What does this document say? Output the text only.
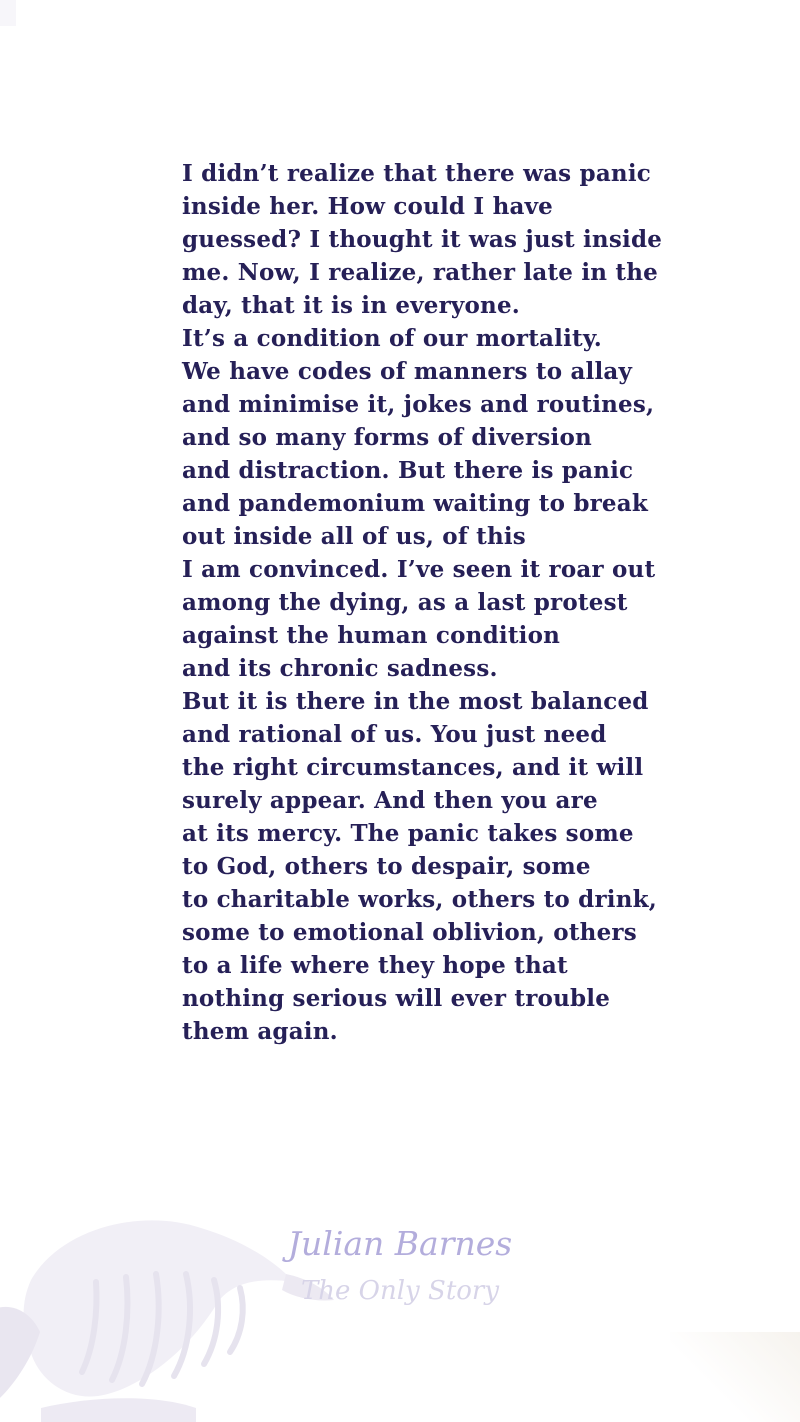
I didn’t realize that there was panic
inside her. How could I have
guessed? I thought it was just inside
me. Now, I realize, rather late in the
day, that it is in everyone.
It’s a condition of our mortality.
We have codes of manners to allay
and minimise it, jokes and routines,
and so many forms of diversion
and distraction. But there is panic
and pandemonium waiting to break
out inside all of us, of this
I am convinced. I’ve seen it roar out
among the dying, as a last protest
against the human condition
and its chronic sadness.
But it is there in the most balanced
and rational of us. You just need
the right circumstances, and it will
surely appear. And then you are
at its mercy. The panic takes some
to God, others to despair, some
to charitable works, others to drink,
some to emotional oblivion, others
to a life where they hope that
nothing serious will ever trouble
them again.
Julian Barnes
The Only Story
